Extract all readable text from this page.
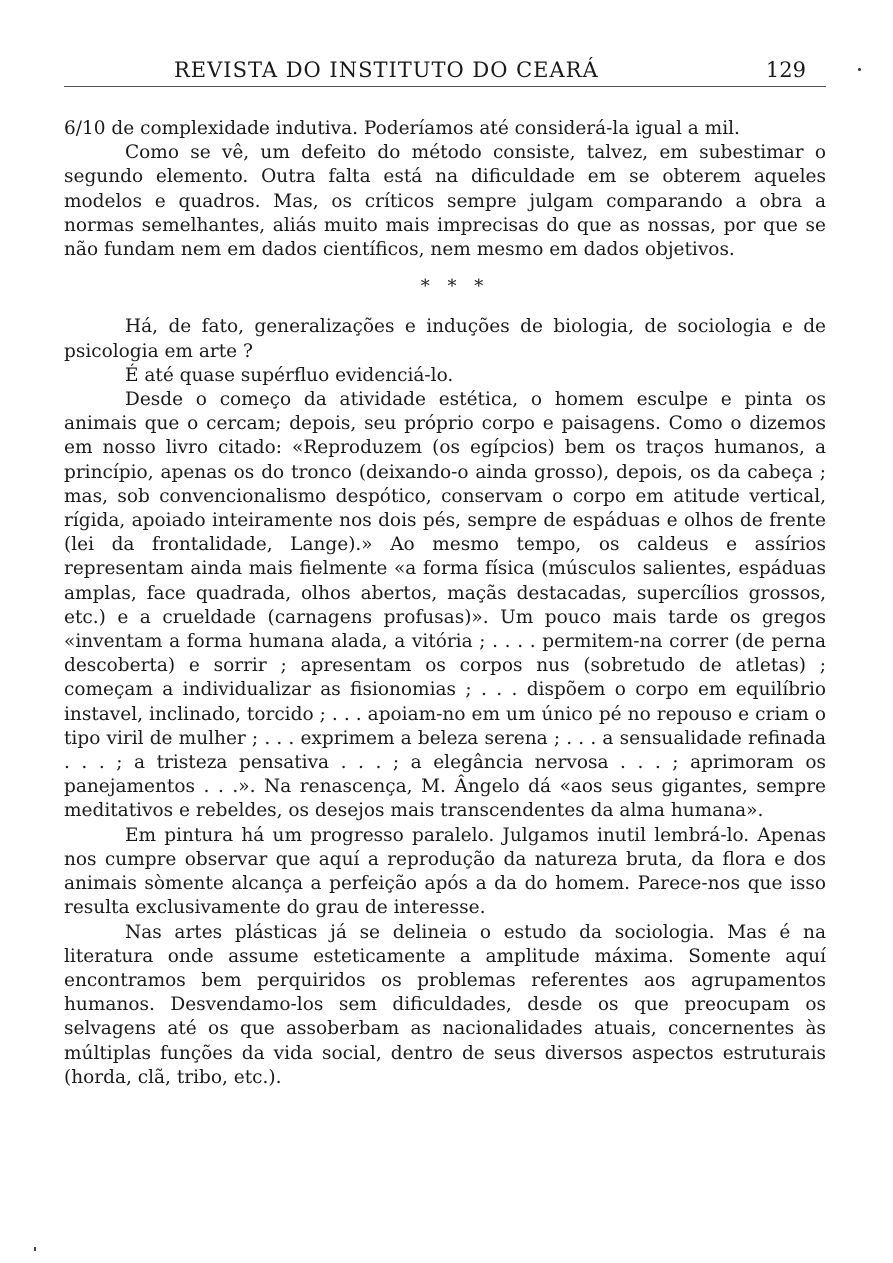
REVISTA DO INSTITUTO DO CEARÁ	129

6/10 de complexidade indutiva. Poderíamos até considerá-la igual a mil.

Como se vê, um defeito do método consiste, talvez, em subestimar o segundo elemento. Outra falta está na dificuldade em se obterem aqueles modelos e quadros. Mas, os críticos sempre julgam comparando a obra a normas semelhantes, aliás muito mais imprecisas do que as nossas, por que se não fundam nem em dados científicos, nem mesmo em dados objetivos.

* * *

Há, de fato, generalizações e induções de biologia, de sociologia e de psicologia em arte ?

É até quase supérfluo evidenciá-lo.

Desde o começo da atividade estética, o homem esculpe e pinta os animais que o cercam; depois, seu próprio corpo e paisagens. Como o dizemos em nosso livro citado: «Reproduzem (os egípcios) bem os traços humanos, a princípio, apenas os do tronco (deixando-o ainda grosso), depois, os da cabeça ; mas, sob convencionalismo despótico, conservam o corpo em atitude vertical, rígida, apoiado inteiramente nos dois pés, sempre de espáduas e olhos de frente (lei da frontalidade, Lange).» Ao mesmo tempo, os caldeus e assírios representam ainda mais fielmente «a forma física (músculos salientes, espáduas amplas, face quadrada, olhos abertos, maçãs destacadas, supercílios grossos, etc.) e a crueldade (carnagens profusas)». Um pouco mais tarde os gregos «inventam a forma humana alada, a vitória ; . . . . permitem-na correr (de perna descoberta) e sorrir ; apresentam os corpos nus (sobretudo de atletas) ; começam a individualizar as fisionomias ; . . . dispõem o corpo em equilíbrio instavel, inclinado, torcido ; . . . apoiam-no em um único pé no repouso e criam o tipo viril de mulher ; . . . exprimem a beleza serena ; . . . a sensualidade refinada . . . ; a tristeza pensativa . . . ; a elegância nervosa . . . ; aprimoram os panejamentos . . .». Na renascença, M. Ângelo dá «aos seus gigantes, sempre meditativos e rebeldes, os desejos mais transcendentes da alma humana».

Em pintura há um progresso paralelo. Julgamos inutil lembrá-lo. Apenas nos cumpre observar que aquí a reprodução da natureza bruta, da flora e dos animais sòmente alcança a perfeição após a da do homem. Parece-nos que isso resulta exclusivamente do grau de interesse.

Nas artes plásticas já se delineia o estudo da sociologia. Mas é na literatura onde assume esteticamente a amplitude máxima. Somente aquí encontramos bem perquiridos os problemas referentes aos agrupamentos humanos. Desvendamo-los sem dificuldades, desde os que preocupam os selvagens até os que assoberbam as nacionalidades atuais, concernentes às múltiplas funções da vida social, dentro de seus diversos aspectos estruturais (horda, clã, tribo, etc.).
